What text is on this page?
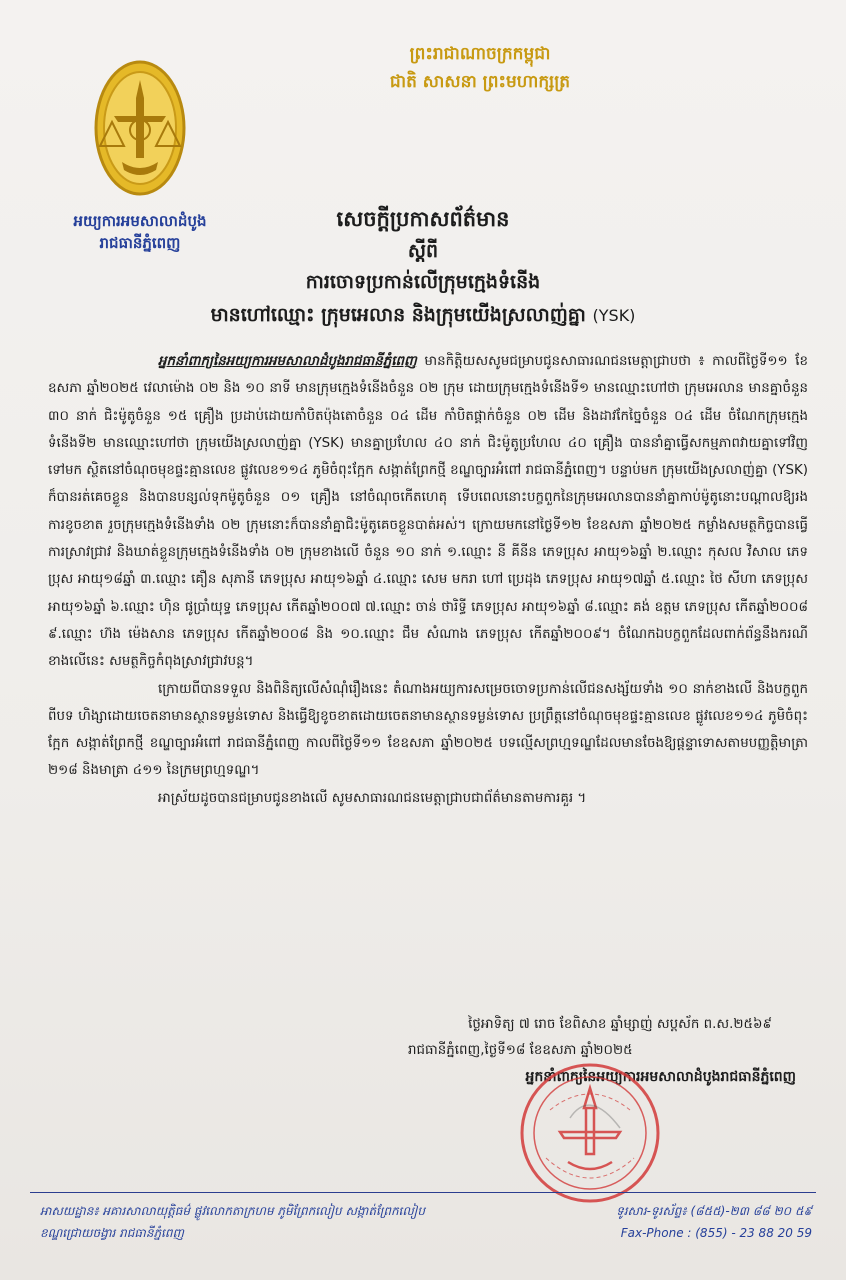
អយ្យការអមសាលាដំបូង
រាជធានីភ្នំពេញ
ព្រះរាជាណាចក្រកម្ពុជា
ជាតិ សាសនា ព្រះមហាក្សត្រ
សេចក្ដីប្រកាសព័ត៌មាន
ស្ដីពី
ការចោទប្រកាន់លើក្រុមក្មេងទំនើង
មានហៅឈ្មោះ ក្រុមអេលាន និងក្រុមយើងស្រលាញ់គ្នា (YSK)

អ្នកនាំពាក្យនៃអយ្យការអមសាលាដំបូងរាជធានីភ្នំពេញ មានកិត្តិយសសូមជម្រាបជូនសាធារណជនមេត្តាជ្រាបថា ៖ កាលពីថ្ងៃទី១១ ខែឧសភា ឆ្នាំ២០២៥ វេលាម៉ោង ០២ និង ១០ នាទី មានក្រុមក្មេងទំនើងចំនួន ០២ ក្រុម ដោយក្រុមក្មេងទំនើងទី១ មានឈ្មោះហៅថា ក្រុមអេលាន មានគ្នាចំនួន ៣០ នាក់ ជិះម៉ូតូចំនួន ១៥ គ្រឿង ប្រដាប់ដោយកាំបិតប៉ុងតោចំនួន ០៤ ដើម កាំបិតផ្គាក់ចំនួន ០២ ដើម និងដាវកែច្នៃចំនួន ០៤ ដើម ចំណែកក្រុមក្មេងទំនើងទី២ មានឈ្មោះហៅថា ក្រុមយើងស្រលាញ់គ្នា (YSK) មានគ្នាប្រហែល ៤០ នាក់ ជិះម៉ូតូប្រហែល ៤០ គ្រឿង បាននាំគ្នាធ្វើសកម្មភាពវាយគ្នាទៅវិញទៅមក ស្ថិតនៅចំណុចមុខផ្ទះគ្មានលេខ ផ្លូវលេខ១១៤ ភូមិចំពុះក្អែក សង្កាត់ព្រែកថ្មី ខណ្ឌច្បារអំពៅ រាជធានីភ្នំពេញ។ បន្ទាប់មក ក្រុមយើងស្រលាញ់គ្នា (YSK) ក៏បានរត់គេចខ្លួន និងបានបន្សល់ទុកម៉ូតូចំនួន ០១ គ្រឿង នៅចំណុចកើតហេតុ ទើបពេលនោះបក្ខពួកនៃក្រុមអេលានបាននាំគ្នាកាប់ម៉ូតូនោះបណ្ដាលឱ្យរងការខូចខាត រួចក្រុមក្មេងទំនើងទាំង ០២ ក្រុមនោះក៏បាននាំគ្នាជិះម៉ូតូគេចខ្លួនបាត់អស់។ ក្រោយមកនៅថ្ងៃទី១២ ខែឧសភា ឆ្នាំ២០២៥ កម្លាំងសមត្ថកិច្ចបានធ្វើការស្រាវជ្រាវ និងឃាត់ខ្លួនក្រុមក្មេងទំនើងទាំង ០២ ក្រុមខាងលើ ចំនួន ១០ នាក់ ១.ឈ្មោះ នី គីនីន ភេទប្រុស អាយុ១៦ឆ្នាំ ២.ឈ្មោះ កុសល វិសាល ភេទប្រុស អាយុ១៨ឆ្នាំ ៣.ឈ្មោះ គឿន សុភានី ភេទប្រុស អាយុ១៦ឆ្នាំ ៤.ឈ្មោះ សេម មករា ហៅ ប្រេដុង ភេទប្រុស អាយុ១៧ឆ្នាំ ៥.ឈ្មោះ ថៃ សីហា ភេទប្រុស អាយុ១៦ឆ្នាំ ៦.ឈ្មោះ ហ៊ិន ផូប្រាំយុទ្ធ ភេទប្រុស កើតឆ្នាំ២០០៧ ៧.ឈ្មោះ ចាន់ ថារិទ្ធី ភេទប្រុស អាយុ១៦ឆ្នាំ ៨.ឈ្មោះ គង់ ឧត្ដម ភេទប្រុស កើតឆ្នាំ២០០៨ ៩.ឈ្មោះ ហ៊ង ម៉េងសាន ភេទប្រុស កើតឆ្នាំ២០០៨ និង ១០.ឈ្មោះ ជឹម សំណាង ភេទប្រុស កើតឆ្នាំ២០០៩។ ចំណែកឯបក្ខពួកដែលពាក់ព័ន្ធនឹងករណីខាងលើនេះ សមត្ថកិច្ចកំពុងស្រាវជ្រាវបន្ត។

ក្រោយពីបានទទួល និងពិនិត្យលើសំណុំរឿងនេះ តំណាងអយ្យការសម្រេចចោទប្រកាន់លើជនសង្ស័យទាំង ១០ នាក់ខាងលើ និងបក្ខពួក ពីបទ ហិង្សាដោយចេតនាមានស្ថានទម្ងន់ទោស និងធ្វើឱ្យខូចខាតដោយចេតនាមានស្ថានទម្ងន់ទោស ប្រព្រឹត្តនៅចំណុចមុខផ្ទះគ្មានលេខ ផ្លូវលេខ១១៤ ភូមិចំពុះក្អែក សង្កាត់ព្រែកថ្មី ខណ្ឌច្បារអំពៅ រាជធានីភ្នំពេញ កាលពីថ្ងៃទី១១ ខែឧសភា ឆ្នាំ២០២៥ បទល្មើសព្រហ្មទណ្ឌដែលមានចែងឱ្យផ្ដន្ទាទោសតាមបញ្ញត្តិមាត្រា ២១៨ និងមាត្រា ៤១១ នៃក្រមព្រហ្មទណ្ឌ។

អាស្រ័យដូចបានជម្រាបជូនខាងលើ សូមសាធារណជនមេត្តាជ្រាបជាព័ត៌មានតាមការគួរ ។

ថ្ងៃអាទិត្យ ៧ រោច ខែពិសាខ ឆ្នាំម្សាញ់ សប្ដស័ក ព.ស.២៥៦៩
រាជធានីភ្នំពេញ,ថ្ងៃទី១៨ ខែឧសភា ឆ្នាំ២០២៥
អ្នកនាំពាក្យនៃអយ្យការអមសាលាដំបូងរាជធានីភ្នំពេញ
អាសយដ្ឋាន៖ អគារសាលាយុត្តិធម៌ ផ្លូវលោកតាក្រហម ភូមិព្រែកលៀប សង្កាត់ព្រែកលៀប
ខណ្ឌជ្រោយចង្វារ រាជធានីភ្នំពេញ
ទូរសារ-ទូរស័ព្ទ៖ (៨៥៥)-២៣ ៨៨ ២០ ៥៩
Fax-Phone : (855) - 23 88 20 59
